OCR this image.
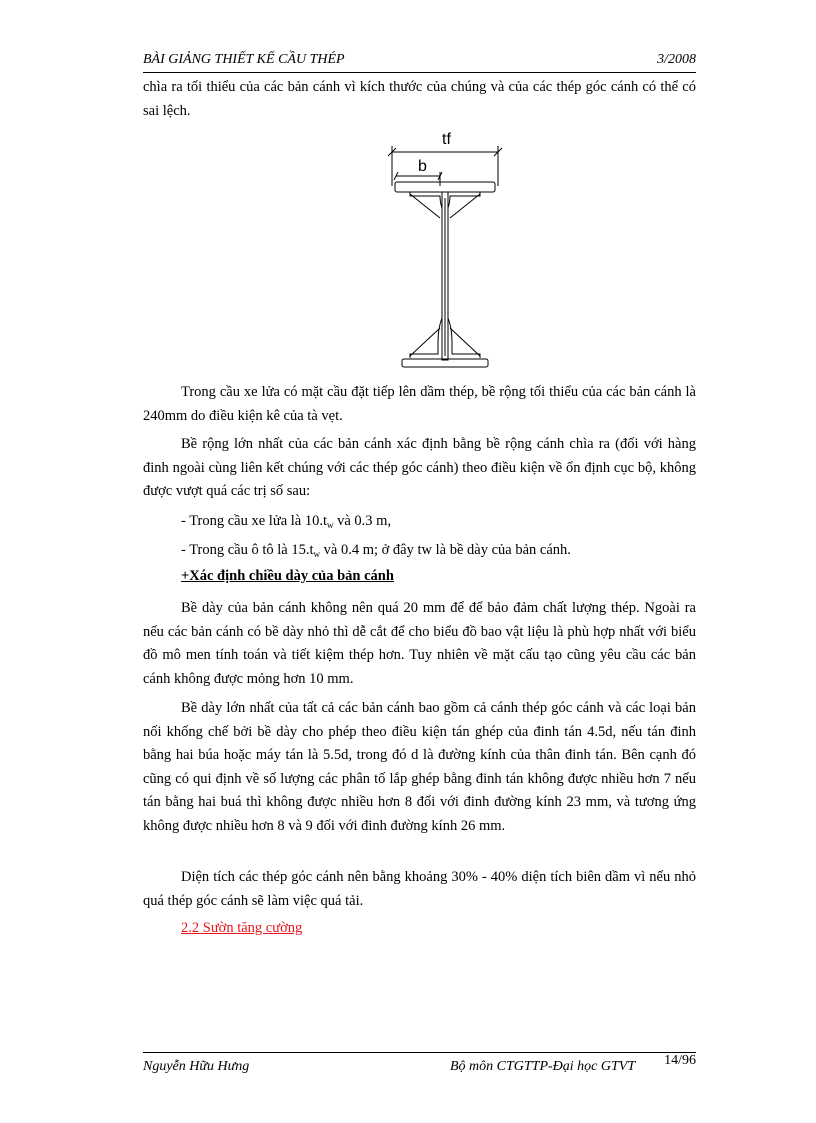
BÀI GIẢNG THIẾT KẾ CẦU THÉP	3/2008

chìa ra tối thiểu của các bản cánh vì kích thước của chúng và của các thép góc cánh có thể có sai lệch.

tf
b

Trong cầu xe lửa có mặt cầu đặt tiếp lên dầm thép, bề rộng tối thiểu của các bản cánh là 240mm do điều kiện kê của tà vẹt.

Bề rộng lớn nhất của các bản cánh xác định bằng bề rộng cánh chìa ra (đối với hàng đinh ngoài cùng liên kết chúng với các thép góc cánh) theo điều kiện về ổn định cục bộ, không được vượt quá các trị số sau:

- Trong cầu xe lửa là $10.t_w$ và 0.3 m,

- Trong cầu ô tô là $15.t_w$ và 0.4 m; ở đây tw là bề dày của bản cánh.

+Xác định chiều dày của bản cánh

Bề dày của bản cánh không nên quá 20 mm để để bảo đảm chất lượng thép. Ngoài ra nếu các bản cánh có bề dày nhỏ thì dễ cắt để cho biểu đồ bao vật liệu là phù hợp nhất với biểu đồ mô men tính toán và tiết kiệm thép hơn. Tuy nhiên về mặt cấu tạo cũng yêu cầu các bản cánh không được mỏng hơn 10 mm.

Bề dày lớn nhất của tất cả các bản cánh bao gồm cả cánh thép góc cánh và các loại bản nối khống chế bởi bề dày cho phép theo điều kiện tán ghép của đinh tán 4.5d, nếu tán đinh bằng hai búa hoặc máy tán là 5.5d, trong đó d là đường kính của thân đinh tán. Bên cạnh đó cũng có qui định về số lượng các phân tố lắp ghép bằng đinh tán không được nhiều hơn 7 nếu tán bằng hai buá thì không được nhiều hơn 8 đối với đinh đường kính 23 mm, và tương ứng không được nhiều hơn 8 và 9 đối với đinh đường kính 26 mm.

Diện tích các thép góc cánh nên bằng khoảng 30% - 40% diện tích biên dầm vì nếu nhỏ quá thép góc cánh sẽ làm việc quá tải.

2.2 Sườn tăng cường

Nguyễn Hữu Hưng	Bộ môn CTGTTP-Đại học GTVT 14/96
